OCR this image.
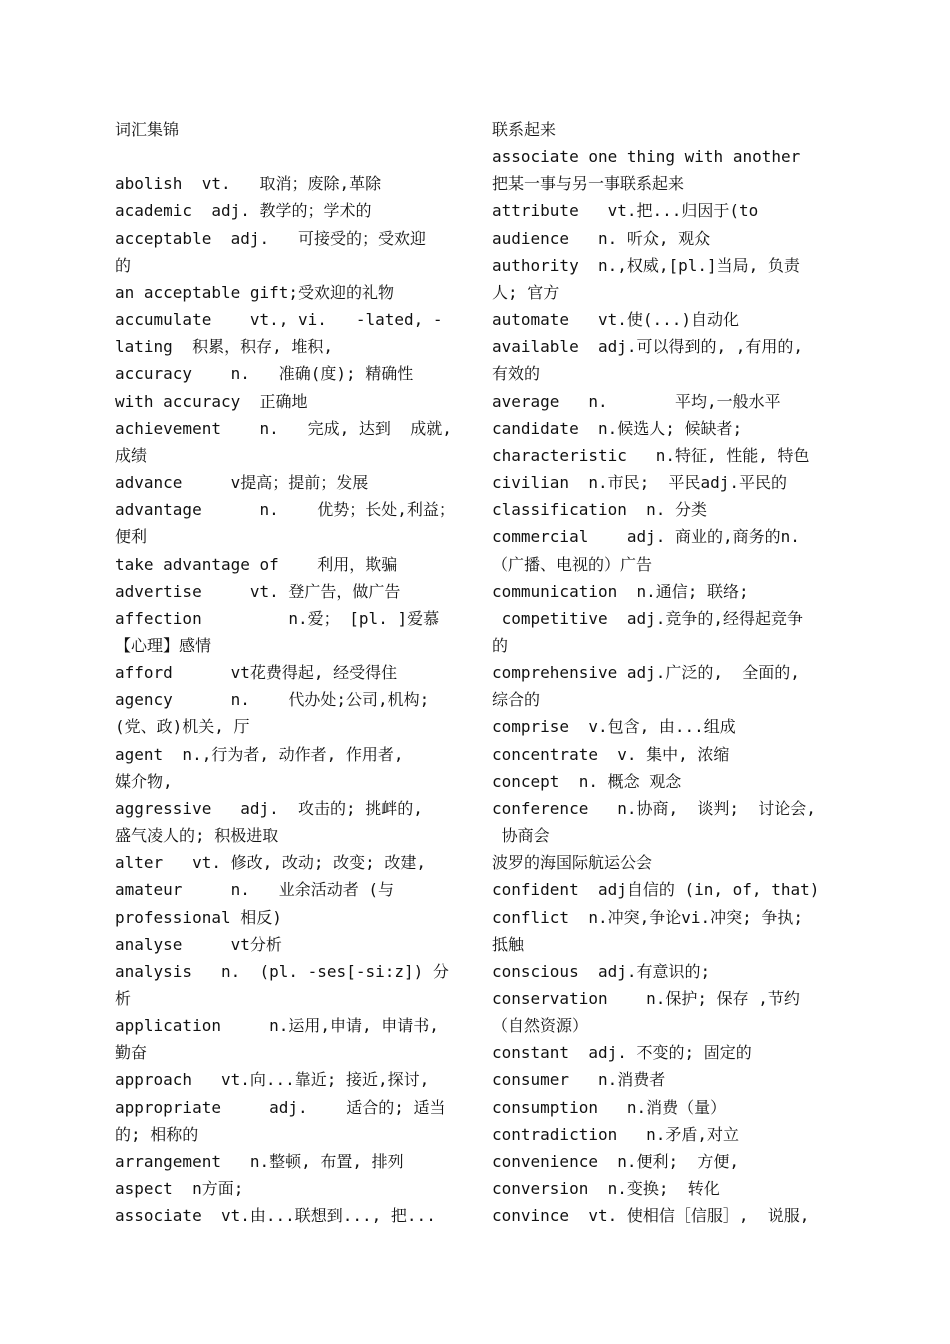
词汇集锦

abolish  vt.   取消；废除,革除
academic  adj. 教学的；学术的
acceptable  adj.   可接受的；受欢迎
的
an acceptable gift;受欢迎的礼物
accumulate    vt., vi.   -lated, -
lating  积累，积存, 堆积,
accuracy    n.   准确(度); 精确性
with accuracy  正确地
achievement    n.   完成, 达到  成就,
成绩
advance     v提高；提前；发展
advantage      n.    优势；长处,利益；
便利
take advantage of    利用，欺骗
advertise     vt. 登广告，做广告
affection         n.爱； [pl. ]爱慕
【心理】感情
afford      vt花费得起, 经受得住
agency      n.    代办处;公司,机构;
(党、政)机关, 厅
agent  n.,行为者, 动作者, 作用者,
媒介物,
aggressive   adj.  攻击的; 挑衅的,
盛气凌人的; 积极进取
alter   vt. 修改, 改动; 改变; 改建,
amateur     n.   业余活动者 (与
professional 相反)
analyse     vt分析
analysis   n.  (pl. -ses[-si:z]) 分
析
application     n.运用,申请, 申请书,
勤奋
approach   vt.向...靠近; 接近,探讨,
appropriate     adj.    适合的; 适当
的; 相称的
arrangement   n.整顿, 布置, 排列
aspect  n方面;
associate  vt.由...联想到..., 把...
联系起来
associate one thing with another
把某一事与另一事联系起来
attribute   vt.把...归因于(to
audience   n. 听众, 观众
authority  n.,权威,[pl.]当局, 负责
人; 官方
automate   vt.使(...)自动化
available  adj.可以得到的, ,有用的,
有效的
average   n.       平均,一般水平
candidate  n.候选人; 候缺者;
characteristic   n.特征, 性能, 特色
civilian  n.市民;  平民adj.平民的
classification  n. 分类
commercial    adj. 商业的,商务的n.
（广播、电视的）广告
communication  n.通信; 联络;
competitive  adj.竞争的,经得起竞争
的
comprehensive adj.广泛的,  全面的,
综合的
comprise  v.包含, 由...组成
concentrate  v. 集中, 浓缩
concept  n. 概念 观念
conference   n.协商,  谈判;  讨论会,
协商会
波罗的海国际航运公会
confident  adj自信的 (in, of, that)
conflict  n.冲突,争论vi.冲突; 争执;
抵触
conscious  adj.有意识的;
conservation    n.保护; 保存 ,节约
（自然资源）
constant  adj. 不变的; 固定的
consumer   n.消费者
consumption   n.消费（量）
contradiction   n.矛盾,对立
convenience  n.便利;  方便,
conversion  n.变换;  转化
convince  vt. 使相信［信服］,  说服,
